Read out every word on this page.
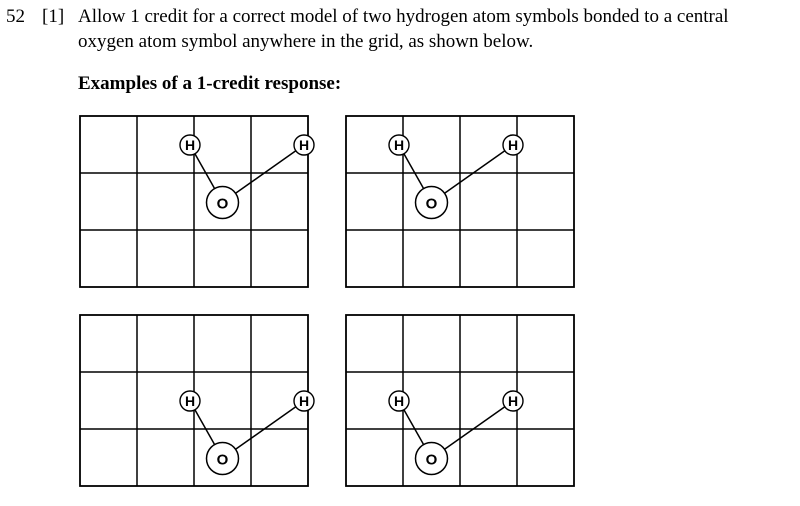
52 [1] Allow 1 credit for a correct model of two hydrogen atom symbols bonded to a central
oxygen atom symbol anywhere in the grid, as shown below.
Examples of a 1-credit response:
H	H
O
H	H
O
H	H
O
H	H
O
